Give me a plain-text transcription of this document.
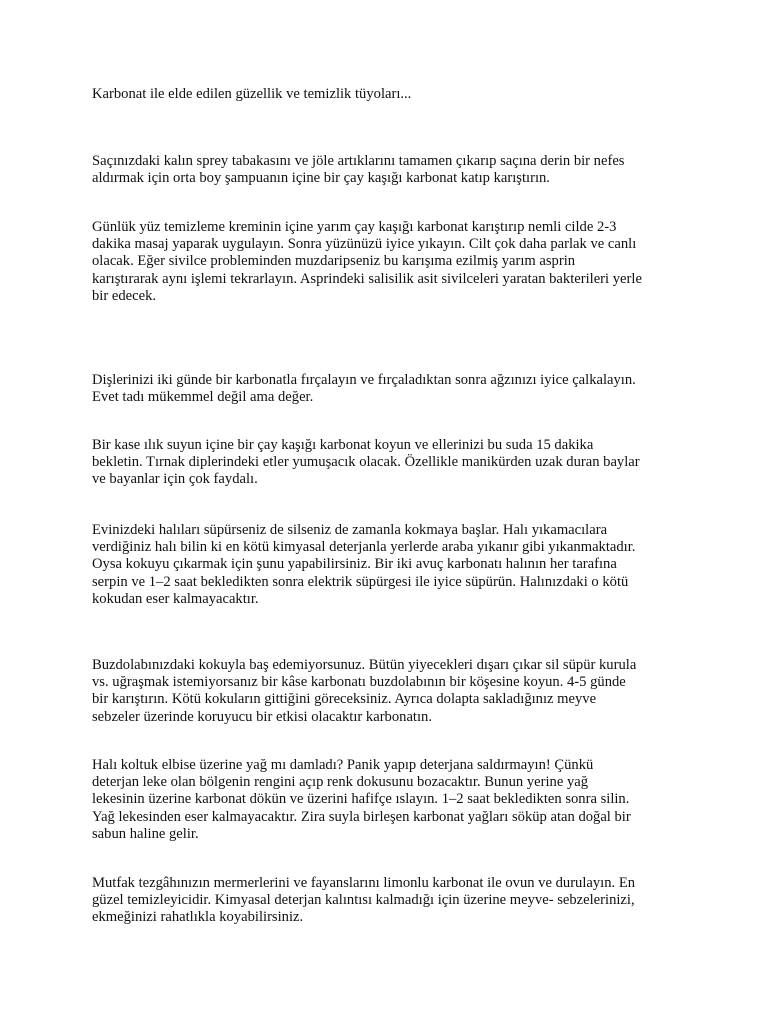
Karbonat ile elde edilen güzellik ve temizlik tüyoları...

Saçınızdaki kalın sprey tabakasını ve jöle artıklarını tamamen çıkarıp saçına derin bir nefes
aldırmak için orta boy şampuanın içine bir çay kaşığı karbonat katıp karıştırın.

Günlük yüz temizleme kreminin içine yarım çay kaşığı karbonat karıştırıp nemli cilde 2-3
dakika masaj yaparak uygulayın. Sonra yüzünüzü iyice yıkayın. Cilt çok daha parlak ve canlı
olacak. Eğer sivilce probleminden muzdaripseniz bu karışıma ezilmiş yarım asprin
karıştırarak aynı işlemi tekrarlayın. Asprindeki salisilik asit sivilceleri yaratan bakterileri yerle
bir edecek.

Dişlerinizi iki günde bir karbonatla fırçalayın ve fırçaladıktan sonra ağzınızı iyice çalkalayın.
Evet tadı mükemmel değil ama değer.

Bir kase ılık suyun içine bir çay kaşığı karbonat koyun ve ellerinizi bu suda 15 dakika
bekletin. Tırnak diplerindeki etler yumuşacık olacak. Özellikle manikürden uzak duran baylar
ve bayanlar için çok faydalı.

Evinizdeki halıları süpürseniz de silseniz de zamanla kokmaya başlar. Halı yıkamacılara
verdiğiniz halı bilin ki en kötü kimyasal deterjanla yerlerde araba yıkanır gibi yıkanmaktadır.
Oysa kokuyu çıkarmak için şunu yapabilirsiniz. Bir iki avuç karbonatı halının her tarafına
serpin ve 1–2 saat bekledikten sonra elektrik süpürgesi ile iyice süpürün. Halınızdaki o kötü
kokudan eser kalmayacaktır.

Buzdolabınızdaki kokuyla baş edemiyorsunuz. Bütün yiyecekleri dışarı çıkar sil süpür kurula
vs. uğraşmak istemiyorsanız bir kâse karbonatı buzdolabının bir köşesine koyun. 4-5 günde
bir karıştırın. Kötü kokuların gittiğini göreceksiniz. Ayrıca dolapta sakladığınız meyve
sebzeler üzerinde koruyucu bir etkisi olacaktır karbonatın.

Halı koltuk elbise üzerine yağ mı damladı? Panik yapıp deterjana saldırmayın! Çünkü
deterjan leke olan bölgenin rengini açıp renk dokusunu bozacaktır. Bunun yerine yağ
lekesinin üzerine karbonat dökün ve üzerini hafifçe ıslayın. 1–2 saat bekledikten sonra silin.
Yağ lekesinden eser kalmayacaktır. Zira suyla birleşen karbonat yağları söküp atan doğal bir
sabun haline gelir.

Mutfak tezgâhınızın mermerlerini ve fayanslarını limonlu karbonat ile ovun ve durulayın. En
güzel temizleyicidir. Kimyasal deterjan kalıntısı kalmadığı için üzerine meyve- sebzelerinizi,
ekmeğinizi rahatlıkla koyabilirsiniz.
